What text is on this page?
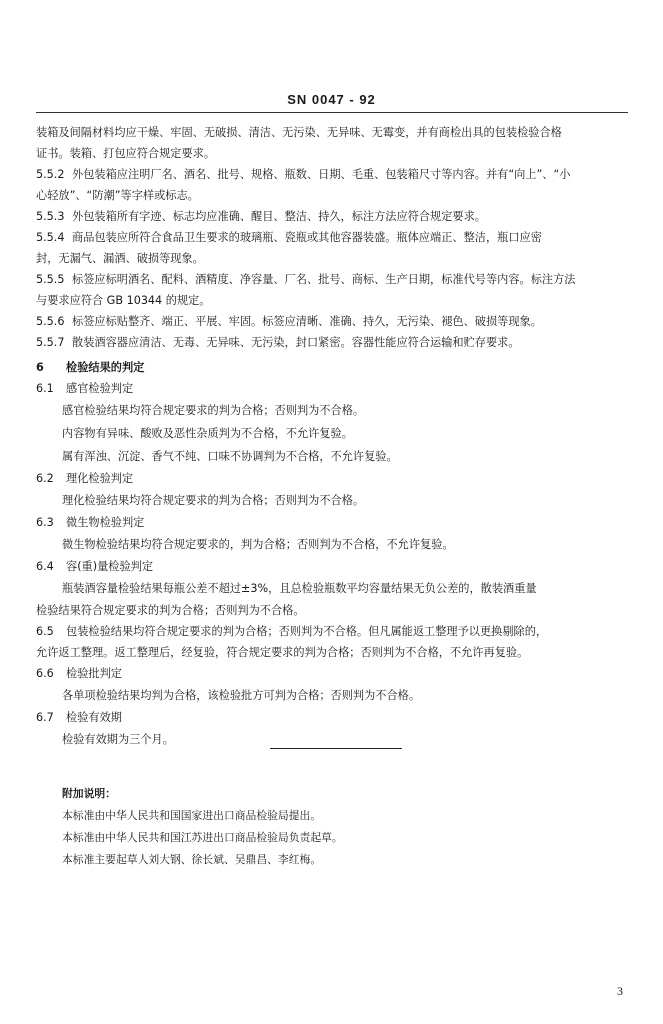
SN 0047 - 92
装箱及间隔材料均应干燥、牢固、无破损、清洁、无污染、无异味、无霉变，并有商检出具的包装检验合格
证书。装箱、打包应符合规定要求。
5.5.2 外包装箱应注明厂名、酒名、批号、规格、瓶数、日期、毛重、包装箱尺寸等内容。并有“向上”、“小
心轻放”、“防潮”等字样或标志。
5.5.3 外包装箱所有字迹、标志均应准确、醒目、整洁、持久，标注方法应符合规定要求。
5.5.4 商品包装应所符合食品卫生要求的玻璃瓶、瓷瓶或其他容器装盛。瓶体应端正、整洁，瓶口应密
封，无漏气、漏酒、破损等现象。
5.5.5 标签应标明酒名、配料、酒精度、净容量、厂名、批号、商标、生产日期，标准代号等内容。标注方法
与要求应符合 GB 10344 的规定。
5.5.6 标签应标贴整齐、端正、平展、牢固。标签应清晰、准确、持久，无污染、褪色、破损等现象。
5.5.7 散装酒容器应清洁、无毒、无异味、无污染，封口紧密。容器性能应符合运输和贮存要求。
6 检验结果的判定
6.1 感官检验判定
感官检验结果均符合规定要求的判为合格；否则判为不合格。
内容物有异味、酸败及恶性杂质判为不合格，不允许复验。
属有浑浊、沉淀、香气不纯、口味不协调判为不合格，不允许复验。
6.2 理化检验判定
理化检验结果均符合规定要求的判为合格；否则判为不合格。
6.3 微生物检验判定
微生物检验结果均符合规定要求的，判为合格；否则判为不合格，不允许复验。
6.4 容(重)量检验判定
瓶装酒容量检验结果每瓶公差不超过±3%，且总检验瓶数平均容量结果无负公差的，散装酒重量
检验结果符合规定要求的判为合格；否则判为不合格。
6.5 包装检验结果均符合规定要求的判为合格；否则判为不合格。但凡属能返工整理予以更换剔除的，
允许返工整理。返工整理后，经复验，符合规定要求的判为合格；否则判为不合格，不允许再复验。
6.6 检验批判定
各单项检验结果均判为合格，该检验批方可判为合格；否则判为不合格。
6.7 检验有效期
检验有效期为三个月。
附加说明：
本标准由中华人民共和国国家进出口商品检验局提出。
本标准由中华人民共和国江苏进出口商品检验局负责起草。
本标准主要起草人刘大钢、徐长斌、吴鼎昌、李红梅。
3
